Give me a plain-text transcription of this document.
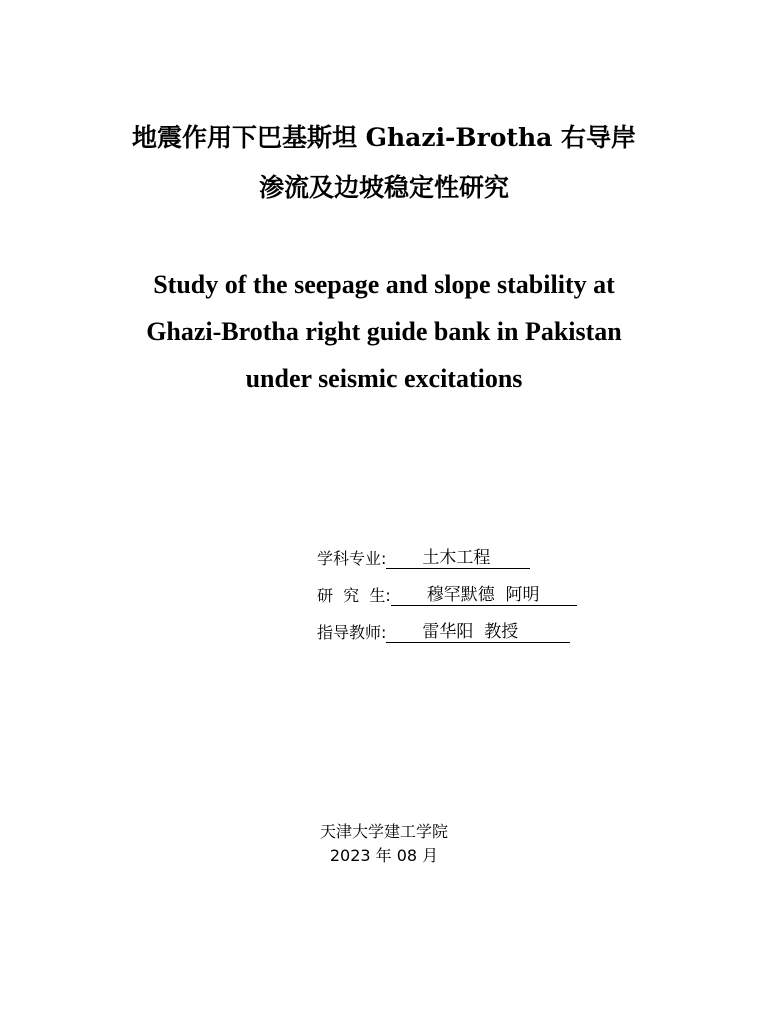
地震作用下巴基斯坦 Ghazi-Brotha 右导岸
渗流及边坡稳定性研究
Study of the seepage and slope stability at
Ghazi-Brotha right guide bank in Pakistan
under seismic excitations
学科专业:	土木工程
研  究  生:	穆罕默德  阿明
指导教师:	雷华阳  教授
天津大学建工学院
2023 年 08 月
